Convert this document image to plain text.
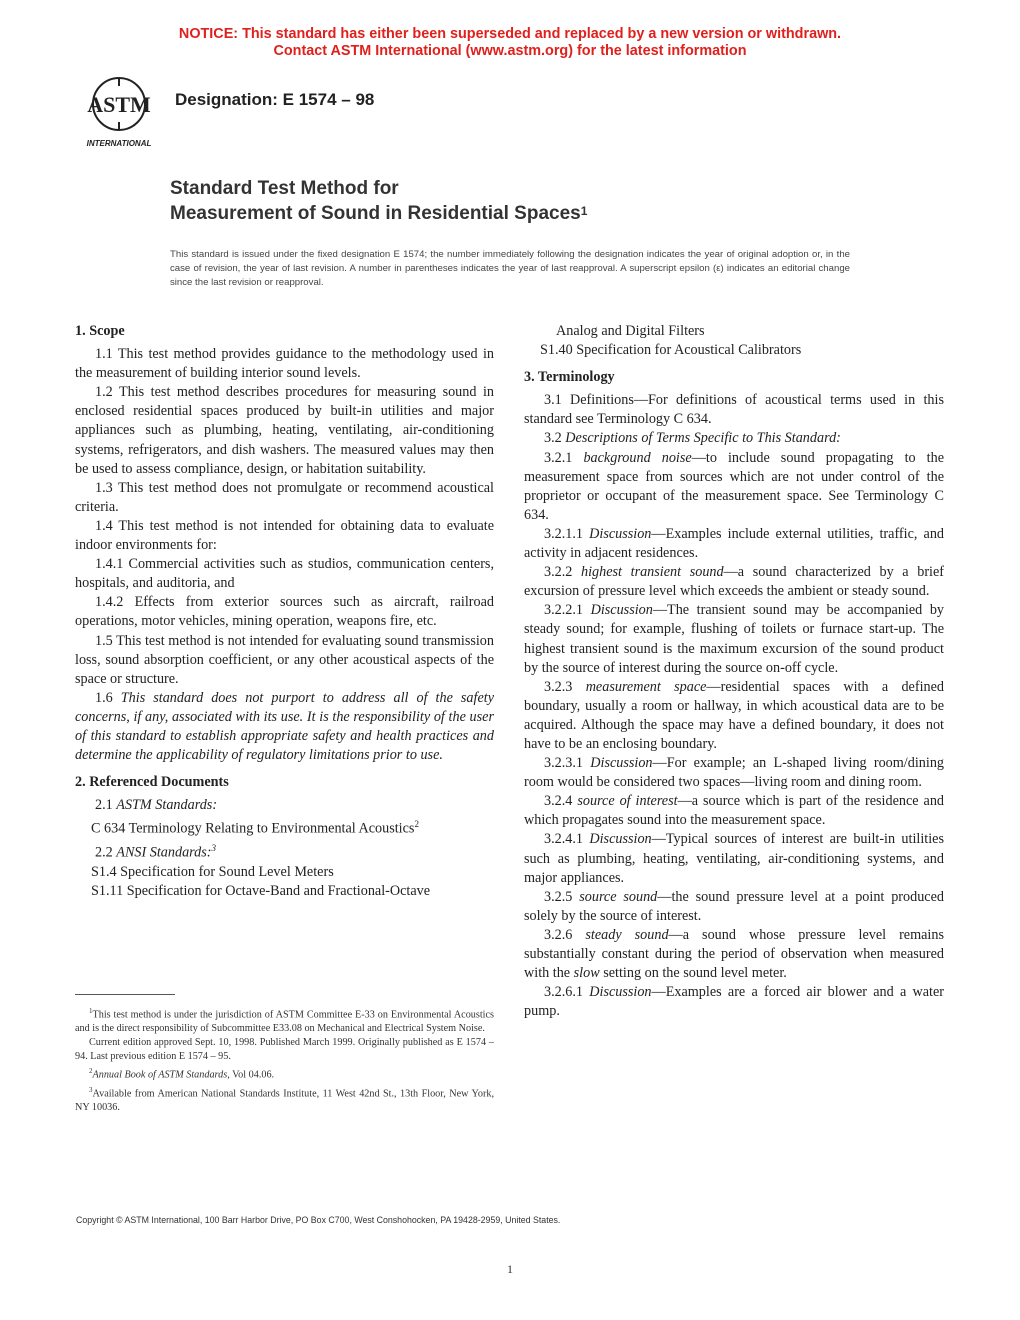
NOTICE: This standard has either been superseded and replaced by a new version or withdrawn.
Contact ASTM International (www.astm.org) for the latest information
ASTM
INTERNATIONAL
Designation: E 1574 – 98
Standard Test Method for
Measurement of Sound in Residential Spaces$^1$
This standard is issued under the fixed designation E 1574; the number immediately following the designation indicates the year of original adoption or, in the case of revision, the year of last revision. A number in parentheses indicates the year of last reapproval. A superscript epsilon (ε) indicates an editorial change since the last revision or reapproval.
1. Scope
1.1 This test method provides guidance to the methodology used in the measurement of building interior sound levels.
1.2 This test method describes procedures for measuring sound in enclosed residential spaces produced by built-in utilities and major appliances such as plumbing, heating, ventilating, air-conditioning systems, refrigerators, and dish washers. The measured values may then be used to assess compliance, design, or habitation suitability.
1.3 This test method does not promulgate or recommend acoustical criteria.
1.4 This test method is not intended for obtaining data to evaluate indoor environments for:
1.4.1 Commercial activities such as studios, communication centers, hospitals, and auditoria, and
1.4.2 Effects from exterior sources such as aircraft, railroad operations, motor vehicles, mining operation, weapons fire, etc.
1.5 This test method is not intended for evaluating sound transmission loss, sound absorption coefficient, or any other acoustical aspects of the space or structure.
1.6 This standard does not purport to address all of the safety concerns, if any, associated with its use. It is the responsibility of the user of this standard to establish appropriate safety and health practices and determine the applicability of regulatory limitations prior to use.
2. Referenced Documents
2.1 ASTM Standards:
C 634 Terminology Relating to Environmental Acoustics$^2$
2.2 ANSI Standards:$^3$
S1.4 Specification for Sound Level Meters
S1.11 Specification for Octave-Band and Fractional-Octave
Analog and Digital Filters
S1.40 Specification for Acoustical Calibrators
3. Terminology
3.1 Definitions—For definitions of acoustical terms used in this standard see Terminology C 634.
3.2 Descriptions of Terms Specific to This Standard:
3.2.1 background noise—to include sound propagating to the measurement space from sources which are not under control of the proprietor or occupant of the measurement space. See Terminology C 634.
3.2.1.1 Discussion—Examples include external utilities, traffic, and activity in adjacent residences.
3.2.2 highest transient sound—a sound characterized by a brief excursion of pressure level which exceeds the ambient or steady sound.
3.2.2.1 Discussion—The transient sound may be accompanied by steady sound; for example, flushing of toilets or furnace start-up. The highest transient sound is the maximum excursion of the sound product by the source of interest during the source on-off cycle.
3.2.3 measurement space—residential spaces with a defined boundary, usually a room or hallway, in which acoustical data are to be acquired. Although the space may have a defined boundary, it does not have to be an enclosing boundary.
3.2.3.1 Discussion—For example; an L-shaped living room/dining room would be considered two spaces—living room and dining room.
3.2.4 source of interest—a source which is part of the residence and which propagates sound into the measurement space.
3.2.4.1 Discussion—Typical sources of interest are built-in utilities such as plumbing, heating, ventilating, air-conditioning systems, and major appliances.
3.2.5 source sound—the sound pressure level at a point produced solely by the source of interest.
3.2.6 steady sound—a sound whose pressure level remains substantially constant during the period of observation when measured with the slow setting on the sound level meter.
3.2.6.1 Discussion—Examples are a forced air blower and a water pump.
$^1$This test method is under the jurisdiction of ASTM Committee E-33 on Environmental Acoustics and is the direct responsibility of Subcommittee E33.08 on Mechanical and Electrical System Noise.
Current edition approved Sept. 10, 1998. Published March 1999. Originally published as E 1574 – 94. Last previous edition E 1574 – 95.
$^2$Annual Book of ASTM Standards, Vol 04.06.
$^3$Available from American National Standards Institute, 11 West 42nd St., 13th Floor, New York, NY 10036.
Copyright © ASTM International, 100 Barr Harbor Drive, PO Box C700, West Conshohocken, PA 19428-2959, United States.
1
